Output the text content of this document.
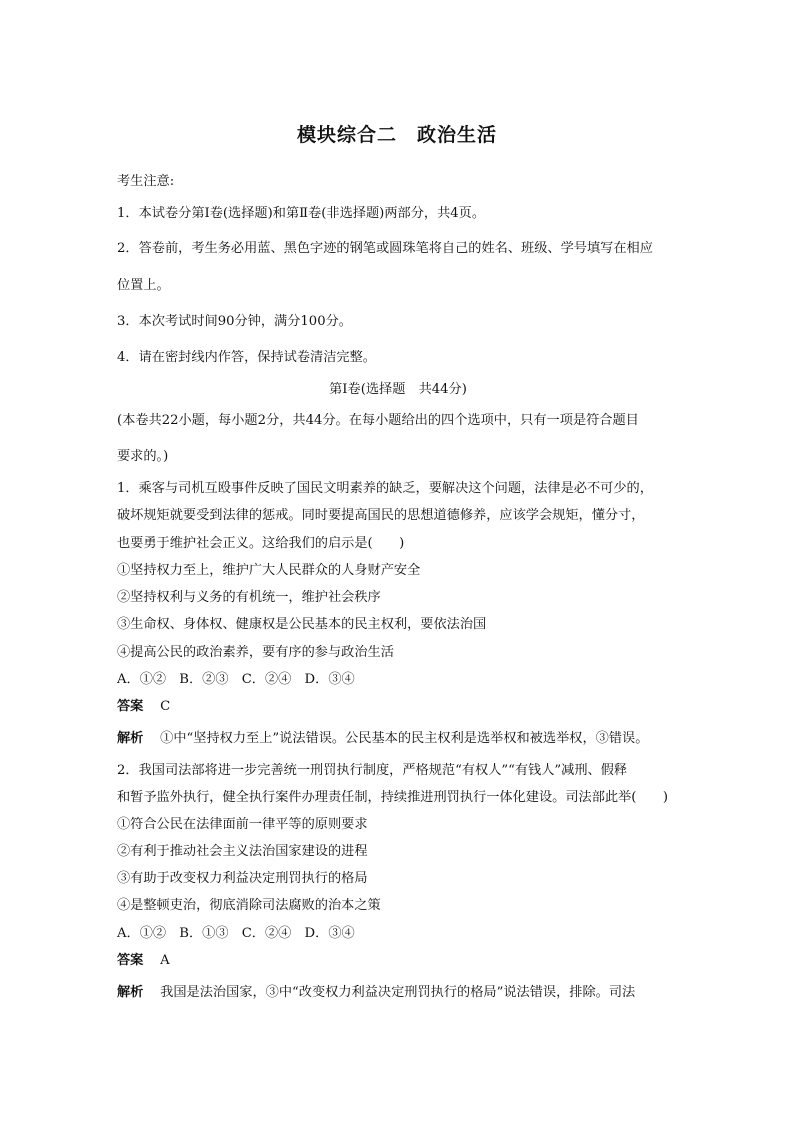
模块综合二　政治生活
考生注意:
1．本试卷分第Ⅰ卷(选择题)和第Ⅱ卷(非选择题)两部分，共4页。
2．答卷前，考生务必用蓝、黑色字迹的钢笔或圆珠笔将自己的姓名、班级、学号填写在相应
位置上。
3．本次考试时间90分钟，满分100分。
4．请在密封线内作答，保持试卷清洁完整。
第Ⅰ卷(选择题　共44分)
(本卷共22小题，每小题2分，共44分。在每小题给出的四个选项中，只有一项是符合题目
要求的。)
1．乘客与司机互殴事件反映了国民文明素养的缺乏，要解决这个问题，法律是必不可少的，
破坏规矩就要受到法律的惩戒。同时要提高国民的思想道德修养，应该学会规矩，懂分寸，
也要勇于维护社会正义。这给我们的启示是(　　)
①坚持权力至上，维护广大人民群众的人身财产安全
②坚持权利与义务的有机统一，维护社会秩序
③生命权、身体权、健康权是公民基本的民主权利，要依法治国
④提高公民的政治素养，要有序的参与政治生活
A．①②　B．②③　C．②④　D．③④
答案 C
解析 ①中“坚持权力至上”说法错误。公民基本的民主权利是选举权和被选举权，③错误。
2．我国司法部将进一步完善统一刑罚执行制度，严格规范“有权人”“有钱人”减刑、假释
和暂予监外执行，健全执行案件办理责任制，持续推进刑罚执行一体化建设。司法部此举(　　)
①符合公民在法律面前一律平等的原则要求
②有利于推动社会主义法治国家建设的进程
③有助于改变权力利益决定刑罚执行的格局
④是整顿吏治，彻底消除司法腐败的治本之策
A．①②　B．①③　C．②④　D．③④
答案 A
解析 我国是法治国家，③中“改变权力利益决定刑罚执行的格局”说法错误，排除。司法
